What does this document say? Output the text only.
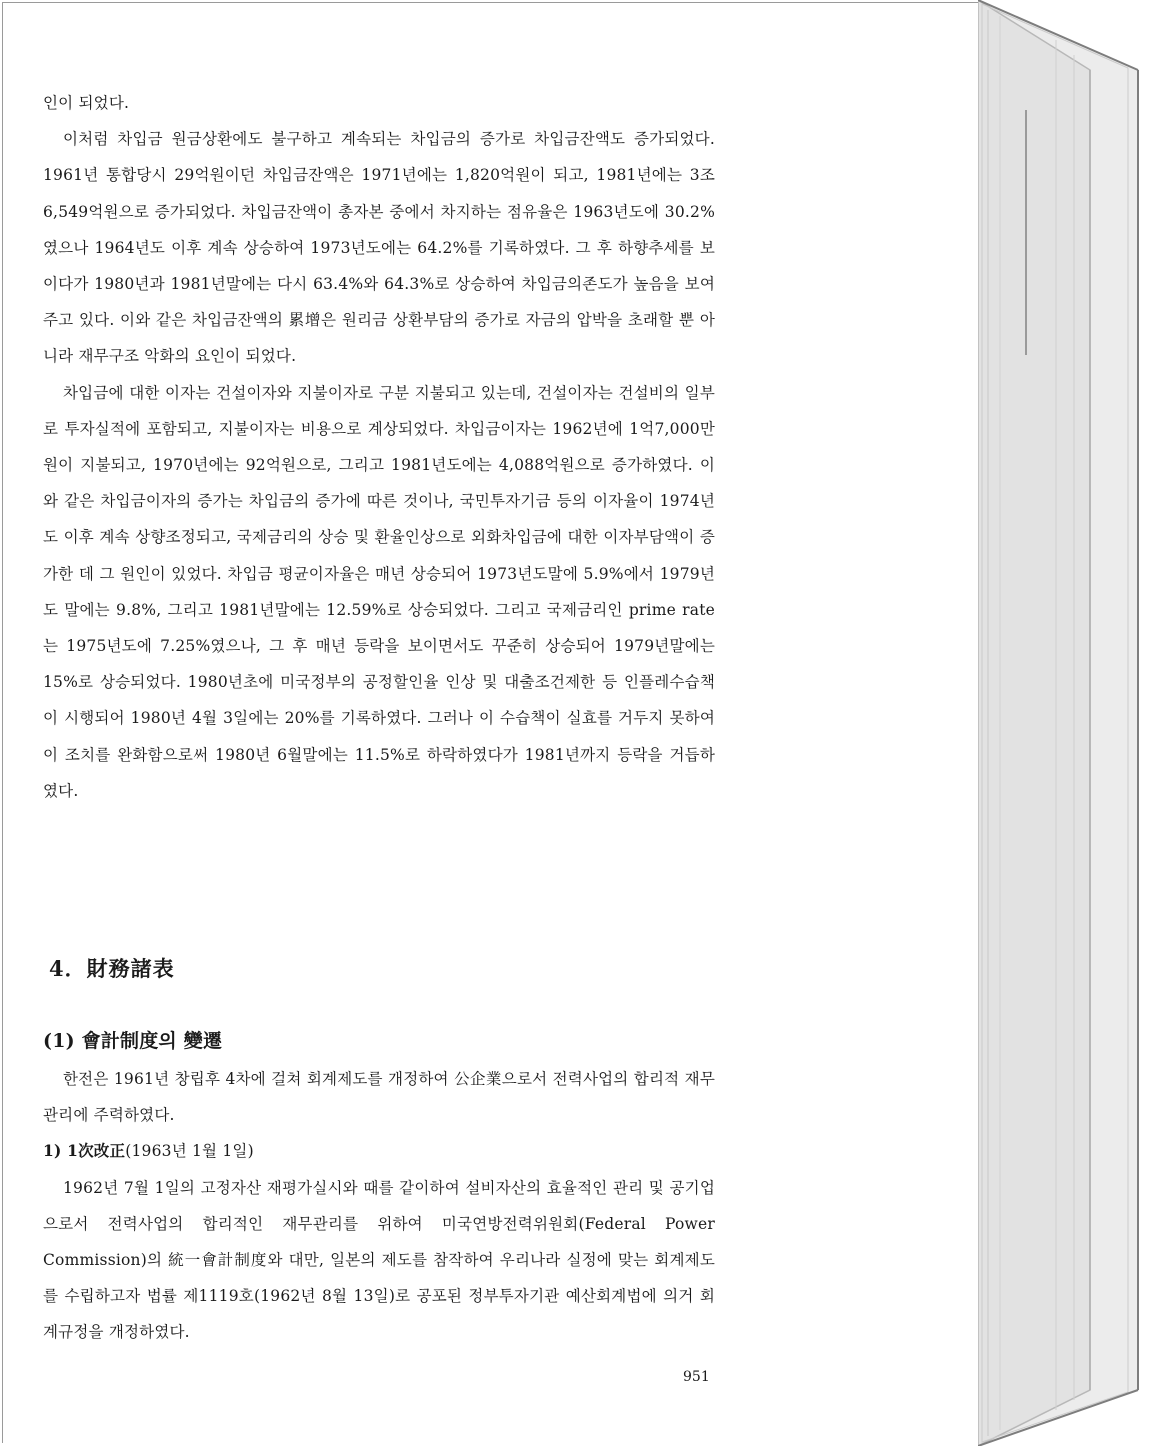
인이 되었다.

이처럼 차입금 원금상환에도 불구하고 계속되는 차입금의 증가로 차입금잔액도 증가되었다. 1961년 통합당시 29억원이던 차입금잔액은 1971년에는 1,820억원이 되고, 1981년에는 3조6,549억원으로 증가되었다. 차입금잔액이 총자본 중에서 차지하는 점유율은 1963년도에 30.2%였으나 1964년도 이후 계속 상승하여 1973년도에는 64.2%를 기록하였다. 그 후 하향추세를 보이다가 1980년과 1981년말에는 다시 63.4%와 64.3%로 상승하여 차입금의존도가 높음을 보여 주고 있다. 이와 같은 차입금잔액의 累增은 원리금 상환부담의 증가로 자금의 압박을 초래할 뿐 아니라 재무구조 악화의 요인이 되었다.

차입금에 대한 이자는 건설이자와 지불이자로 구분 지불되고 있는데, 건설이자는 건설비의 일부로 투자실적에 포함되고, 지불이자는 비용으로 계상되었다. 차입금이자는 1962년에 1억7,000만원이 지불되고, 1970년에는 92억원으로, 그리고 1981년도에는 4,088억원으로 증가하였다. 이와 같은 차입금이자의 증가는 차입금의 증가에 따른 것이나, 국민투자기금 등의 이자율이 1974년도 이후 계속 상향조정되고, 국제금리의 상승 및 환율인상으로 외화차입금에 대한 이자부담액이 증가한 데 그 원인이 있었다. 차입금 평균이자율은 매년 상승되어 1973년도말에 5.9%에서 1979년도 말에는 9.8%, 그리고 1981년말에는 12.59%로 상승되었다. 그리고 국제금리인 prime rate는 1975년도에 7.25%였으나, 그 후 매년 등락을 보이면서도 꾸준히 상승되어 1979년말에는 15%로 상승되었다. 1980년초에 미국정부의 공정할인율 인상 및 대출조건제한 등 인플레수습책이 시행되어 1980년 4월 3일에는 20%를 기록하였다. 그러나 이 수습책이 실효를 거두지 못하여 이 조치를 완화함으로써 1980년 6월말에는 11.5%로 하락하였다가 1981년까지 등락을 거듭하였다.

4．財務諸表

(1) 會計制度의 變遷

한전은 1961년 창립후 4차에 걸쳐 회계제도를 개정하여 公企業으로서 전력사업의 합리적 재무관리에 주력하였다.

1) 1次改正(1963년 1월 1일)

1962년 7월 1일의 고정자산 재평가실시와 때를 같이하여 설비자산의 효율적인 관리 및 공기업으로서 전력사업의 합리적인 재무관리를 위하여 미국연방전력위원회(Federal Power Commission)의 統一會計制度와 대만, 일본의 제도를 참작하여 우리나라 실정에 맞는 회계제도를 수립하고자 법률 제1119호(1962년 8월 13일)로 공포된 정부투자기관 예산회계법에 의거 회계규정을 개정하였다.

951
